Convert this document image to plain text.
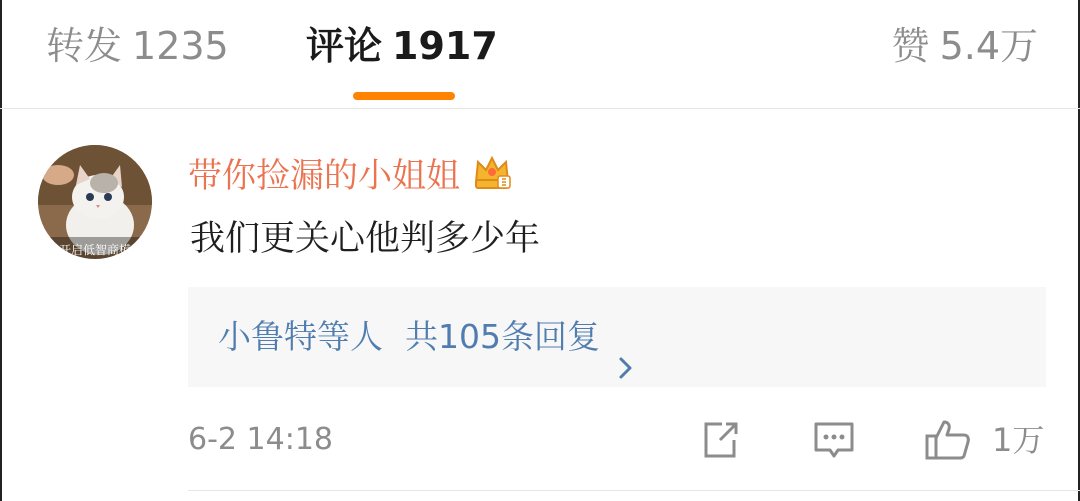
转发 1235 评论 1917	赞 5.4万
开启低智商模
带你捡漏的小姐姐
我们更关心他判多少年
小鲁特等人 共105条回复
6-2 14:18	1万
